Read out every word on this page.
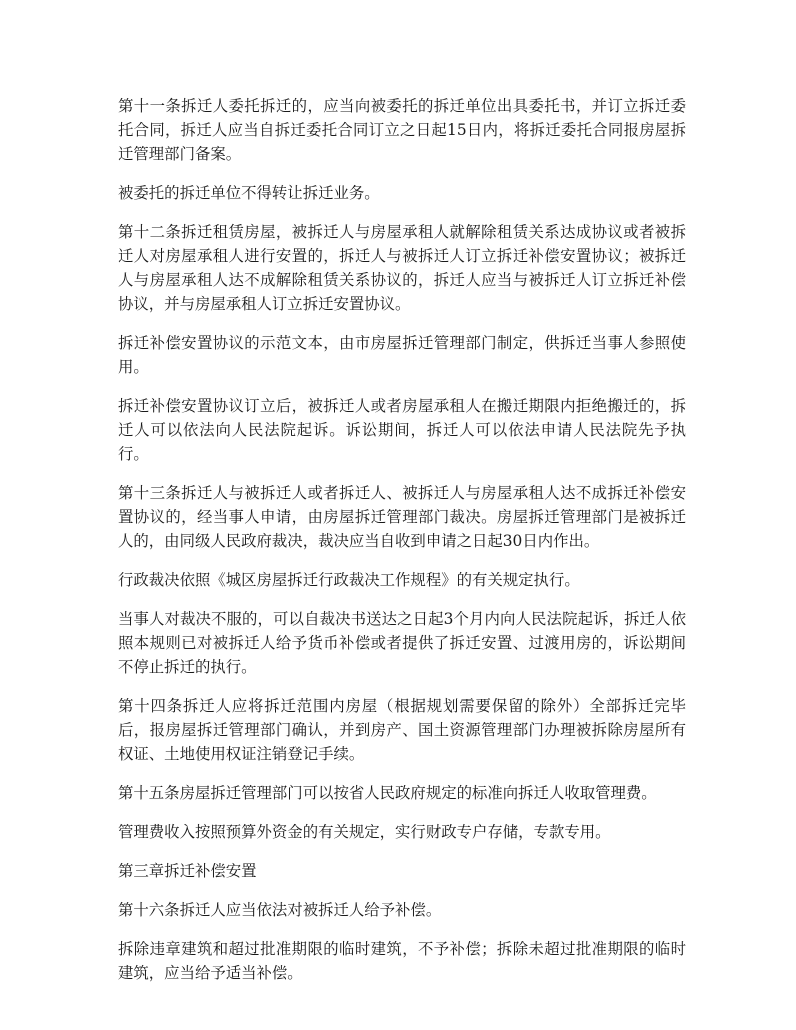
第十一条拆迁人委托拆迁的，应当向被委托的拆迁单位出具委托书，并订立拆迁委托合同，拆迁人应当自拆迁委托合同订立之日起15日内，将拆迁委托合同报房屋拆迁管理部门备案。

被委托的拆迁单位不得转让拆迁业务。

第十二条拆迁租赁房屋，被拆迁人与房屋承租人就解除租赁关系达成协议或者被拆迁人对房屋承租人进行安置的，拆迁人与被拆迁人订立拆迁补偿安置协议；被拆迁人与房屋承租人达不成解除租赁关系协议的，拆迁人应当与被拆迁人订立拆迁补偿协议，并与房屋承租人订立拆迁安置协议。

拆迁补偿安置协议的示范文本，由市房屋拆迁管理部门制定，供拆迁当事人参照使用。

拆迁补偿安置协议订立后，被拆迁人或者房屋承租人在搬迁期限内拒绝搬迁的，拆迁人可以依法向人民法院起诉。诉讼期间，拆迁人可以依法申请人民法院先予执行。

第十三条拆迁人与被拆迁人或者拆迁人、被拆迁人与房屋承租人达不成拆迁补偿安置协议的，经当事人申请，由房屋拆迁管理部门裁决。房屋拆迁管理部门是被拆迁人的，由同级人民政府裁决，裁决应当自收到申请之日起30日内作出。

行政裁决依照《城区房屋拆迁行政裁决工作规程》的有关规定执行。

当事人对裁决不服的，可以自裁决书送达之日起3个月内向人民法院起诉，拆迁人依照本规则已对被拆迁人给予货币补偿或者提供了拆迁安置、过渡用房的，诉讼期间不停止拆迁的执行。

第十四条拆迁人应将拆迁范围内房屋（根据规划需要保留的除外）全部拆迁完毕后，报房屋拆迁管理部门确认，并到房产、国土资源管理部门办理被拆除房屋所有权证、土地使用权证注销登记手续。

第十五条房屋拆迁管理部门可以按省人民政府规定的标准向拆迁人收取管理费。

管理费收入按照预算外资金的有关规定，实行财政专户存储，专款专用。

第三章拆迁补偿安置

第十六条拆迁人应当依法对被拆迁人给予补偿。

拆除违章建筑和超过批准期限的临时建筑，不予补偿；拆除未超过批准期限的临时建筑，应当给予适当补偿。
